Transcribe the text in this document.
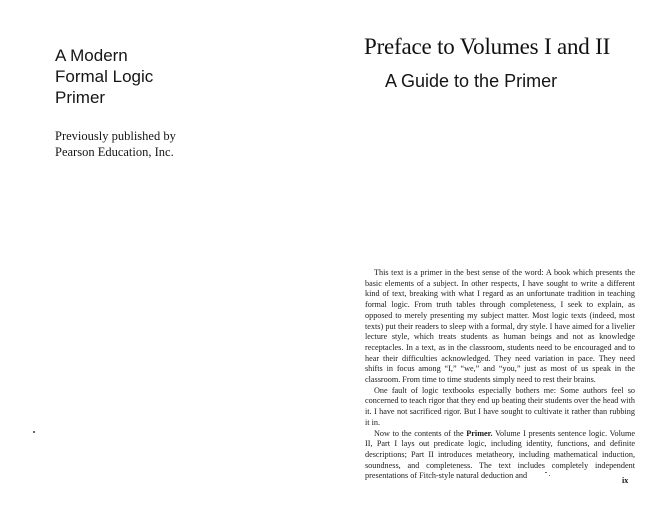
A Modern
Formal Logic
Primer
Previously published by
Pearson Education, Inc.
Preface to Volumes I and II
A Guide to the Primer

This text is a primer in the best sense of the word: A book which presents the basic elements of a subject. In other respects, I have sought to write a different kind of text, breaking with what I regard as an unfortunate tradition in teaching formal logic. From truth tables through completeness, I seek to explain, as opposed to merely presenting my subject matter. Most logic texts (indeed, most texts) put their readers to sleep with a formal, dry style. I have aimed for a livelier lecture style, which treats students as human beings and not as knowledge receptacles. In a text, as in the classroom, students need to be encouraged and to hear their difficulties acknowledged. They need variation in pace. They need shifts in focus among “I,” “we,” and “you,” just as most of us speak in the classroom. From time to time students simply need to rest their brains.

One fault of logic textbooks especially bothers me: Some authors feel so concerned to teach rigor that they end up beating their students over the head with it. I have not sacrificed rigor. But I have sought to cultivate it rather than rubbing it in.

Now to the contents of the Primer. Volume I presents sentence logic. Volume II, Part I lays out predicate logic, including identity, functions, and definite descriptions; Part II introduces metatheory, including mathematical induction, soundness, and completeness. The text includes completely independent presentations of Fitch-style natural deduction and

ix
